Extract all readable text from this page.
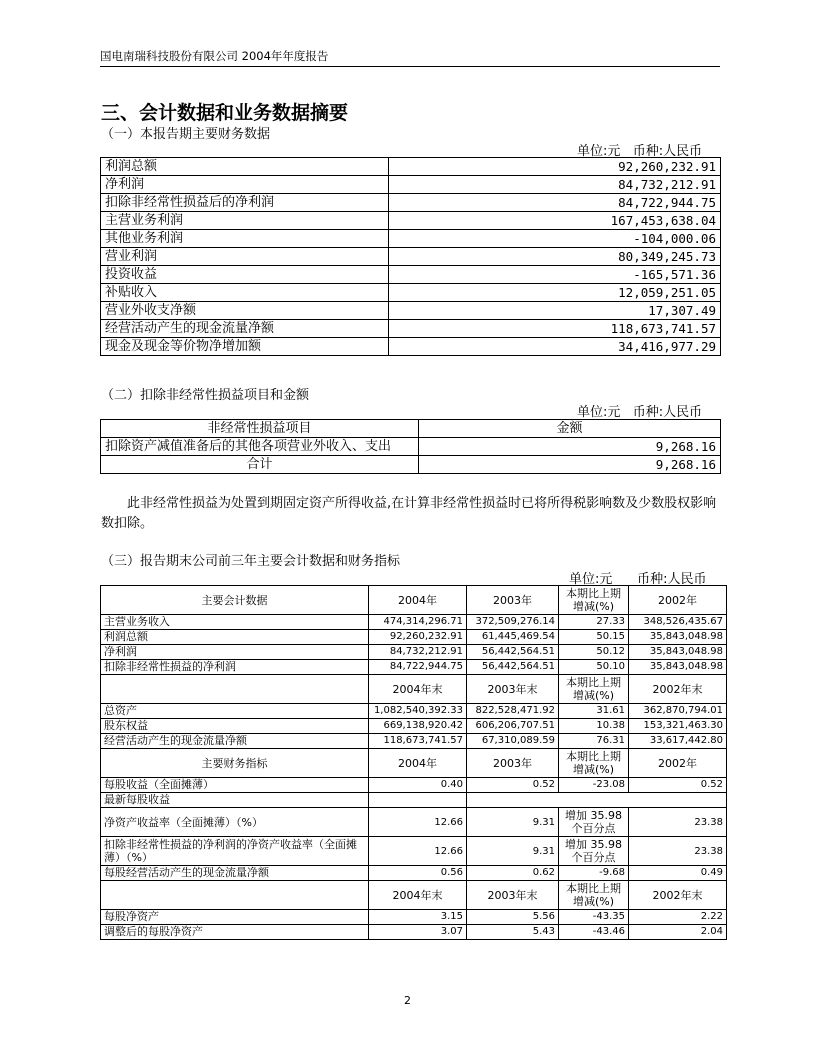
国电南瑞科技股份有限公司 2004年年度报告
三、会计数据和业务数据摘要
（一）本报告期主要财务数据
单位:元   币种:人民币
利润总额	92,260,232.91
净利润	84,732,212.91
扣除非经常性损益后的净利润	84,722,944.75
主营业务利润	167,453,638.04
其他业务利润	-104,000.06
营业利润	80,349,245.73
投资收益	-165,571.36
补贴收入	12,059,251.05
营业外收支净额	17,307.49
经营活动产生的现金流量净额	118,673,741.57
现金及现金等价物净增加额	34,416,977.29
（二）扣除非经常性损益项目和金额
单位:元   币种:人民币
非经常性损益项目	金额
扣除资产减值准备后的其他各项营业外收入、支出	9,268.16
合计	9,268.16

此非经常性损益为处置到期固定资产所得收益,在计算非经常性损益时已将所得税影响数及少数股权影响数扣除。

（三）报告期末公司前三年主要会计数据和财务指标
单位:元      币种:人民币
主要会计数据	2004年	2003年	本期比上期增减(%)	2002年
主营业务收入	474,314,296.71	372,509,276.14	27.33	348,526,435.67
利润总额	92,260,232.91	61,445,469.54	50.15	35,843,048.98
净利润	84,732,212.91	56,442,564.51	50.12	35,843,048.98
扣除非经常性损益的净利润	84,722,944.75	56,442,564.51	50.10	35,843,048.98
	2004年末	2003年末	本期比上期增减(%)	2002年末
总资产	1,082,540,392.33	822,528,471.92	31.61	362,870,794.01
股东权益	669,138,920.42	606,206,707.51	10.38	153,321,463.30
经营活动产生的现金流量净额	118,673,741.57	67,310,089.59	76.31	33,617,442.80
主要财务指标	2004年	2003年	本期比上期增减(%)	2002年
每股收益（全面摊薄）	0.40	0.52	-23.08	0.52
最新每股收益				
净资产收益率（全面摊薄）（%）	12.66	9.31	增加 35.98 个百分点	23.38
扣除非经常性损益的净利润的净资产收益率（全面摊薄）（%）	12.66	9.31	增加 35.98 个百分点	23.38
每股经营活动产生的现金流量净额	0.56	0.62	-9.68	0.49
	2004年末	2003年末	本期比上期增减(%)	2002年末
每股净资产	3.15	5.56	-43.35	2.22
调整后的每股净资产	3.07	5.43	-43.46	2.04
2
